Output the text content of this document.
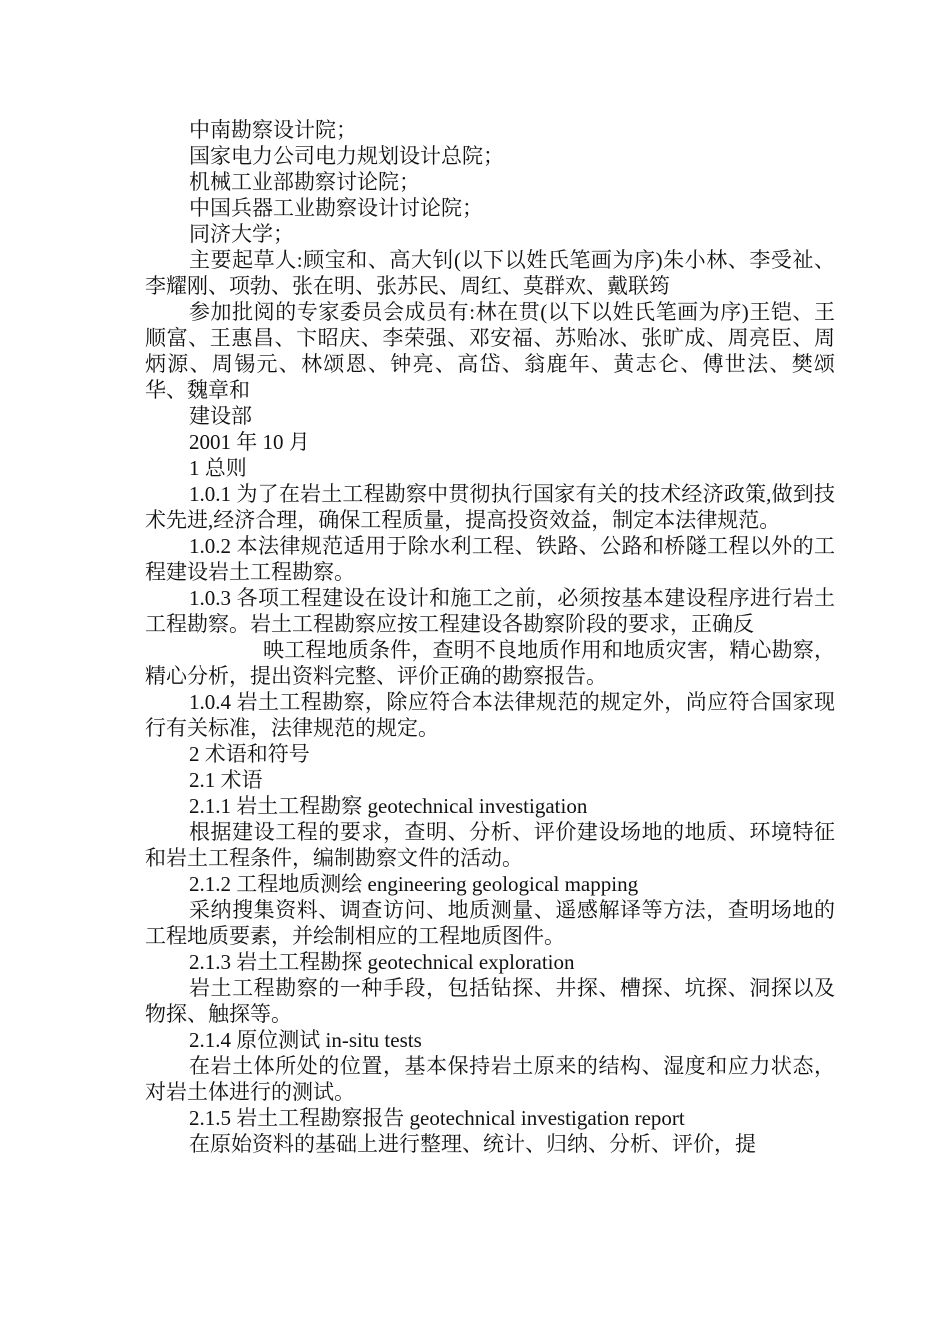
中南勘察设计院；

国家电力公司电力规划设计总院；

机械工业部勘察讨论院；

中国兵器工业勘察设计讨论院；

同济大学；

主要起草人:顾宝和、高大钊(以下以姓氏笔画为序)朱小林、李受祉、李耀刚、项勃、张在明、张苏民、周红、莫群欢、戴联筠

参加批阅的专家委员会成员有:林在贯(以下以姓氏笔画为序)王铠、王顺富、王惠昌、卞昭庆、李荣强、邓安福、苏贻冰、张旷成、周亮臣、周炳源、周锡元、林颂恩、钟亮、高岱、翁鹿年、黄志仑、傅世法、樊颂华、魏章和

建设部

2001 年 10 月

1 总则

1.0.1 为了在岩土工程勘察中贯彻执行国家有关的技术经济政策,做到技术先进,经济合理，确保工程质量，提高投资效益，制定本法律规范。

1.0.2 本法律规范适用于除水利工程、铁路、公路和桥隧工程以外的工程建设岩土工程勘察。

1.0.3 各项工程建设在设计和施工之前，必须按基本建设程序进行岩土工程勘察。岩土工程勘察应按工程建设各勘察阶段的要求，正确反

映工程地质条件，查明不良地质作用和地质灾害，精心勘察，精心分析，提出资料完整、评价正确的勘察报告。

1.0.4 岩土工程勘察，除应符合本法律规范的规定外，尚应符合国家现行有关标准，法律规范的规定。

2 术语和符号

2.1 术语

2.1.1 岩土工程勘察 geotechnical investigation

根据建设工程的要求，查明、分析、评价建设场地的地质、环境特征和岩土工程条件，编制勘察文件的活动。

2.1.2 工程地质测绘 engineering geological mapping

采纳搜集资料、调查访问、地质测量、遥感解译等方法，查明场地的工程地质要素，并绘制相应的工程地质图件。

2.1.3 岩土工程勘探 geotechnical exploration

岩土工程勘察的一种手段，包括钻探、井探、槽探、坑探、洞探以及物探、触探等。

2.1.4 原位测试 in-situ tests

在岩土体所处的位置，基本保持岩土原来的结构、湿度和应力状态，对岩土体进行的测试。

2.1.5 岩土工程勘察报告 geotechnical investigation report

在原始资料的基础上进行整理、统计、归纳、分析、评价，提
